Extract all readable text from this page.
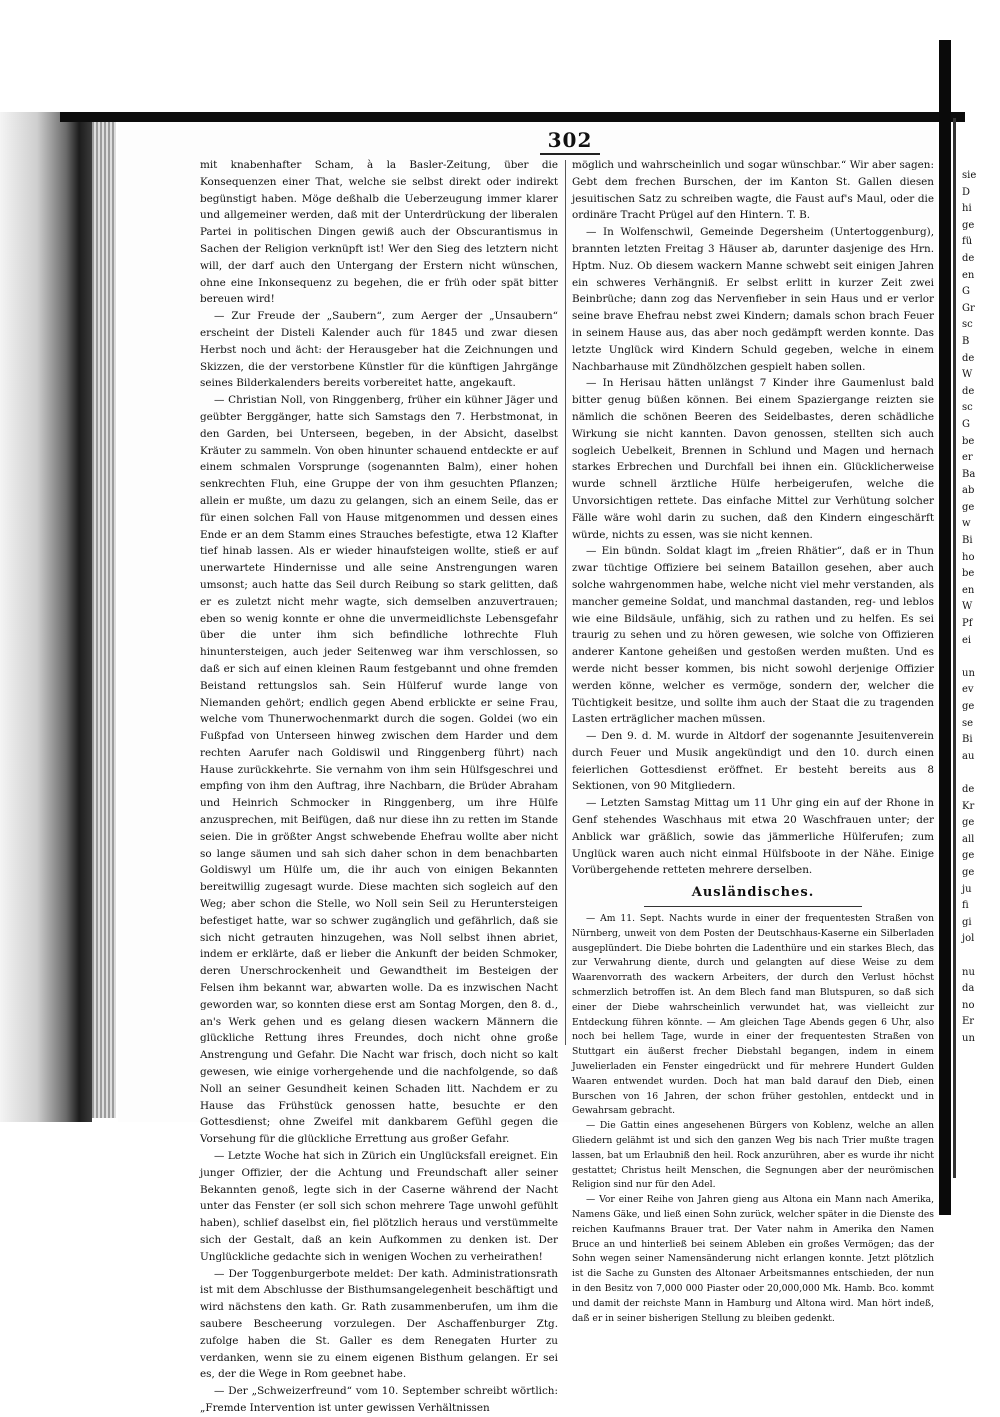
302

mit knabenhafter Scham, à la Basler-Zeitung, über die Konsequenzen einer That, welche sie selbst direkt oder indirekt begünstigt haben. Möge deßhalb die Ueberzeugung immer klarer und allgemeiner werden, daß mit der Unterdrückung der liberalen Partei in politischen Dingen gewiß auch der Obscurantismus in Sachen der Religion verknüpft ist! Wer den Sieg des letztern nicht will, der darf auch den Untergang der Erstern nicht wünschen, ohne eine Inkonsequenz zu begehen, die er früh oder spät bitter bereuen wird!

— Zur Freude der „Saubern“, zum Aerger der „Unsaubern“ erscheint der Disteli Kalender auch für 1845 und zwar diesen Herbst noch und ächt: der Herausgeber hat die Zeichnungen und Skizzen, die der verstorbene Künstler für die künftigen Jahrgänge seines Bilderkalenders bereits vorbereitet hatte, angekauft.

— Christian Noll, von Ringgenberg, früher ein kühner Jäger und geübter Berggänger, hatte sich Samstags den 7. Herbstmonat, in den Garden, bei Unterseen, begeben, in der Absicht, daselbst Kräuter zu sammeln. Von oben hinunter schauend entdeckte er auf einem schmalen Vorsprunge (sogenannten Balm), einer hohen senkrechten Fluh, eine Gruppe der von ihm gesuchten Pflanzen; allein er mußte, um dazu zu gelangen, sich an einem Seile, das er für einen solchen Fall von Hause mitgenommen und dessen eines Ende er an dem Stamm eines Strauches befestigte, etwa 12 Klafter tief hinab lassen. Als er wieder hinaufsteigen wollte, stieß er auf unerwartete Hindernisse und alle seine Anstrengungen waren umsonst; auch hatte das Seil durch Reibung so stark gelitten, daß er es zuletzt nicht mehr wagte, sich demselben anzuvertrauen; eben so wenig konnte er ohne die unvermeidlichste Lebensgefahr über die unter ihm sich befindliche lothrechte Fluh hinuntersteigen, auch jeder Seitenweg war ihm verschlossen, so daß er sich auf einen kleinen Raum festgebannt und ohne fremden Beistand rettungslos sah. Sein Hülferuf wurde lange von Niemanden gehört; endlich gegen Abend erblickte er seine Frau, welche vom Thunerwochenmarkt durch die sogen. Goldei (wo ein Fußpfad von Unterseen hinweg zwischen dem Harder und dem rechten Aarufer nach Goldiswil und Ringgenberg führt) nach Hause zurückkehrte. Sie vernahm von ihm sein Hülfsgeschrei und empfing von ihm den Auftrag, ihre Nachbarn, die Brüder Abraham und Heinrich Schmocker in Ringgenberg, um ihre Hülfe anzusprechen, mit Beifügen, daß nur diese ihn zu retten im Stande seien. Die in größter Angst schwebende Ehefrau wollte aber nicht so lange säumen und sah sich daher schon in dem benachbarten Goldiswyl um Hülfe um, die ihr auch von einigen Bekannten bereitwillig zugesagt wurde. Diese machten sich sogleich auf den Weg; aber schon die Stelle, wo Noll sein Seil zu Heruntersteigen befestiget hatte, war so schwer zugänglich und gefährlich, daß sie sich nicht getrauten hinzugehen, was Noll selbst ihnen abriet, indem er erklärte, daß er lieber die Ankunft der beiden Schmoker, deren Unerschrockenheit und Gewandtheit im Besteigen der Felsen ihm bekannt war, abwarten wolle. Da es inzwischen Nacht geworden war, so konnten diese erst am Sontag Morgen, den 8. d., an's Werk gehen und es gelang diesen wackern Männern die glückliche Rettung ihres Freundes, doch nicht ohne große Anstrengung und Gefahr. Die Nacht war frisch, doch nicht so kalt gewesen, wie einige vorhergehende und die nachfolgende, so daß Noll an seiner Gesundheit keinen Schaden litt. Nachdem er zu Hause das Frühstück genossen hatte, besuchte er den Gottesdienst; ohne Zweifel mit dankbarem Gefühl gegen die Vorsehung für die glückliche Errettung aus großer Gefahr.

— Letzte Woche hat sich in Zürich ein Unglücksfall ereignet. Ein junger Offizier, der die Achtung und Freundschaft aller seiner Bekannten genoß, legte sich in der Caserne während der Nacht unter das Fenster (er soll sich schon mehrere Tage unwohl gefühlt haben), schlief daselbst ein, fiel plötzlich heraus und verstümmelte sich der Gestalt, daß an kein Aufkommen zu denken ist. Der Unglückliche gedachte sich in wenigen Wochen zu verheirathen!

— Der Toggenburgerbote meldet: Der kath. Administrationsrath ist mit dem Abschlusse der Bisthumsangelegenheit beschäftigt und wird nächstens den kath. Gr. Rath zusammenberufen, um ihm die saubere Bescheerung vorzulegen. Der Aschaffenburger Ztg. zufolge haben die St. Galler es dem Renegaten Hurter zu verdanken, wenn sie zu einem eigenen Bisthum gelangen. Er sei es, der die Wege in Rom geebnet habe.

— Der „Schweizerfreund“ vom 10. September schreibt wörtlich: „Fremde Intervention ist unter gewissen Verhältnissen

möglich und wahrscheinlich und sogar wünschbar.“ Wir aber sagen: Gebt dem frechen Burschen, der im Kanton St. Gallen diesen jesuitischen Satz zu schreiben wagte, die Faust auf's Maul, oder die ordinäre Tracht Prügel auf den Hintern. T. B.

— In Wolfenschwil, Gemeinde Degersheim (Untertoggenburg), brannten letzten Freitag 3 Häuser ab, darunter dasjenige des Hrn. Hptm. Nuz. Ob diesem wackern Manne schwebt seit einigen Jahren ein schweres Verhängniß. Er selbst erlitt in kurzer Zeit zwei Beinbrüche; dann zog das Nervenfieber in sein Haus und er verlor seine brave Ehefrau nebst zwei Kindern; damals schon brach Feuer in seinem Hause aus, das aber noch gedämpft werden konnte. Das letzte Unglück wird Kindern Schuld gegeben, welche in einem Nachbarhause mit Zündhölzchen gespielt haben sollen.

— In Herisau hätten unlängst 7 Kinder ihre Gaumenlust bald bitter genug büßen können. Bei einem Spaziergange reizten sie nämlich die schönen Beeren des Seidelbastes, deren schädliche Wirkung sie nicht kannten. Davon genossen, stellten sich auch sogleich Uebelkeit, Brennen in Schlund und Magen und hernach starkes Erbrechen und Durchfall bei ihnen ein. Glücklicherweise wurde schnell ärztliche Hülfe herbeigerufen, welche die Unvorsichtigen rettete. Das einfache Mittel zur Verhütung solcher Fälle wäre wohl darin zu suchen, daß den Kindern eingeschärft würde, nichts zu essen, was sie nicht kennen.

— Ein bündn. Soldat klagt im „freien Rhätier“, daß er in Thun zwar tüchtige Offiziere bei seinem Bataillon gesehen, aber auch solche wahrgenommen habe, welche nicht viel mehr verstanden, als mancher gemeine Soldat, und manchmal dastanden, reg- und leblos wie eine Bildsäule, unfähig, sich zu rathen und zu helfen. Es sei traurig zu sehen und zu hören gewesen, wie solche von Offizieren anderer Kantone geheißen und gestoßen werden mußten. Und es werde nicht besser kommen, bis nicht sowohl derjenige Offizier werden könne, welcher es vermöge, sondern der, welcher die Tüchtigkeit besitze, und sollte ihm auch der Staat die zu tragenden Lasten erträglicher machen müssen.

— Den 9. d. M. wurde in Altdorf der sogenannte Jesuitenverein durch Feuer und Musik angekündigt und den 10. durch einen feierlichen Gottesdienst eröffnet. Er besteht bereits aus 8 Sektionen, von 90 Mitgliedern.

— Letzten Samstag Mittag um 11 Uhr ging ein auf der Rhone in Genf stehendes Waschhaus mit etwa 20 Waschfrauen unter; der Anblick war gräßlich, sowie das jämmerliche Hülferufen; zum Unglück waren auch nicht einmal Hülfsboote in der Nähe. Einige Vorübergehende retteten mehrere derselben.

Ausländisches.

— Am 11. Sept. Nachts wurde in einer der frequentesten Straßen von Nürnberg, unweit von dem Posten der Deutschhaus-Kaserne ein Silberladen ausgeplündert. Die Diebe bohrten die Ladenthüre und ein starkes Blech, das zur Verwahrung diente, durch und gelangten auf diese Weise zu dem Waarenvorrath des wackern Arbeiters, der durch den Verlust höchst schmerzlich betroffen ist. An dem Blech fand man Blutspuren, so daß sich einer der Diebe wahrscheinlich verwundet hat, was vielleicht zur Entdeckung führen könnte. — Am gleichen Tage Abends gegen 6 Uhr, also noch bei hellem Tage, wurde in einer der frequentesten Straßen von Stuttgart ein äußerst frecher Diebstahl begangen, indem in einem Juwelierladen ein Fenster eingedrückt und für mehrere Hundert Gulden Waaren entwendet wurden. Doch hat man bald darauf den Dieb, einen Burschen von 16 Jahren, der schon früher gestohlen, entdeckt und in Gewahrsam gebracht.

— Die Gattin eines angesehenen Bürgers von Koblenz, welche an allen Gliedern gelähmt ist und sich den ganzen Weg bis nach Trier mußte tragen lassen, bat um Erlaubniß den heil. Rock anzurühren, aber es wurde ihr nicht gestattet; Christus heilt Menschen, die Segnungen aber der neurömischen Religion sind nur für den Adel.

— Vor einer Reihe von Jahren gieng aus Altona ein Mann nach Amerika, Namens Gäke, und ließ einen Sohn zurück, welcher später in die Dienste des reichen Kaufmanns Brauer trat. Der Vater nahm in Amerika den Namen Bruce an und hinterließ bei seinem Ableben ein großes Vermögen; das der Sohn wegen seiner Namensänderung nicht erlangen konnte. Jetzt plötzlich ist die Sache zu Gunsten des Altonaer Arbeitsmannes entschieden, der nun in den Besitz von 7,000 000 Piaster oder 20,000,000 Mk. Hamb. Bco. kommt und damit der reichste Mann in Hamburg und Altona wird. Man hört indeß, daß er in seiner bisherigen Stellung zu bleiben gedenkt.

sie
D
hi
ge
fü
de
en
G
Gr
sc
B
de
W
de
sc
G
be
er
Ba
ab
ge
w
Bi
ho
be
en
W
Pf
ei
un
ev
ge
se
Bi
au
de
Kr
ge
all
ge
ge
ju
fi
gi
jol
nu
da
no
Er
un
